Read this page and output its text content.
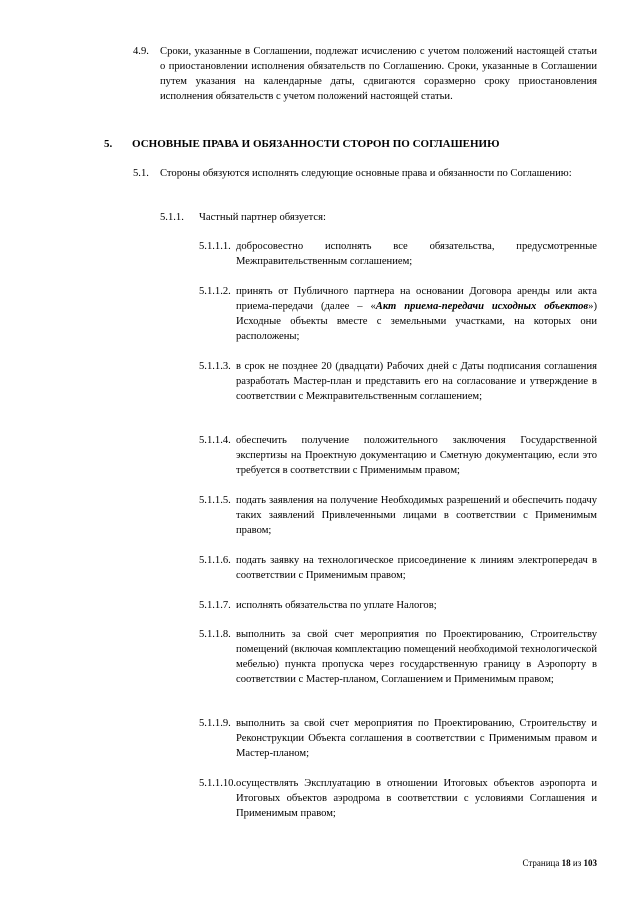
4.9. Сроки, указанные в Соглашении, подлежат исчислению с учетом положений настоящей статьи о приостановлении исполнения обязательств по Соглашению. Сроки, указанные в Соглашении путем указания на календарные даты, сдвигаются соразмерно сроку приостановления исполнения обязательств с учетом положений настоящей статьи.
5. ОСНОВНЫЕ ПРАВА И ОБЯЗАННОСТИ СТОРОН ПО СОГЛАШЕНИЮ
5.1. Стороны обязуются исполнять следующие основные права и обязанности по Соглашению:
5.1.1. Частный партнер обязуется:
5.1.1.1. добросовестно исполнять все обязательства, предусмотренные Межправительственным соглашением;
5.1.1.2. принять от Публичного партнера на основании Договора аренды или акта приема-передачи (далее – «Акт приема-передачи исходных объектов») Исходные объекты вместе с земельными участками, на которых они расположены;
5.1.1.3. в срок не позднее 20 (двадцати) Рабочих дней с Даты подписания соглашения разработать Мастер-план и представить его на согласование и утверждение в соответствии с Межправительственным соглашением;
5.1.1.4. обеспечить получение положительного заключения Государственной экспертизы на Проектную документацию и Сметную документацию, если это требуется в соответствии с Применимым правом;
5.1.1.5. подать заявления на получение Необходимых разрешений и обеспечить подачу таких заявлений Привлеченными лицами в соответствии с Применимым правом;
5.1.1.6. подать заявку на технологическое присоединение к линиям электропередач в соответствии с Применимым правом;
5.1.1.7. исполнять обязательства по уплате Налогов;
5.1.1.8. выполнить за свой счет мероприятия по Проектированию, Строительству помещений (включая комплектацию помещений необходимой технологической мебелью) пункта пропуска через государственную границу в Аэропорту в соответствии с Мастер-планом, Соглашением и Применимым правом;
5.1.1.9. выполнить за свой счет мероприятия по Проектированию, Строительству и Реконструкции Объекта соглашения в соответствии с Применимым правом и Мастер-планом;
5.1.1.10. осуществлять Эксплуатацию в отношении Итоговых объектов аэропорта и Итоговых объектов аэродрома в соответствии с условиями Соглашения и Применимым правом;
Страница 18 из 103
